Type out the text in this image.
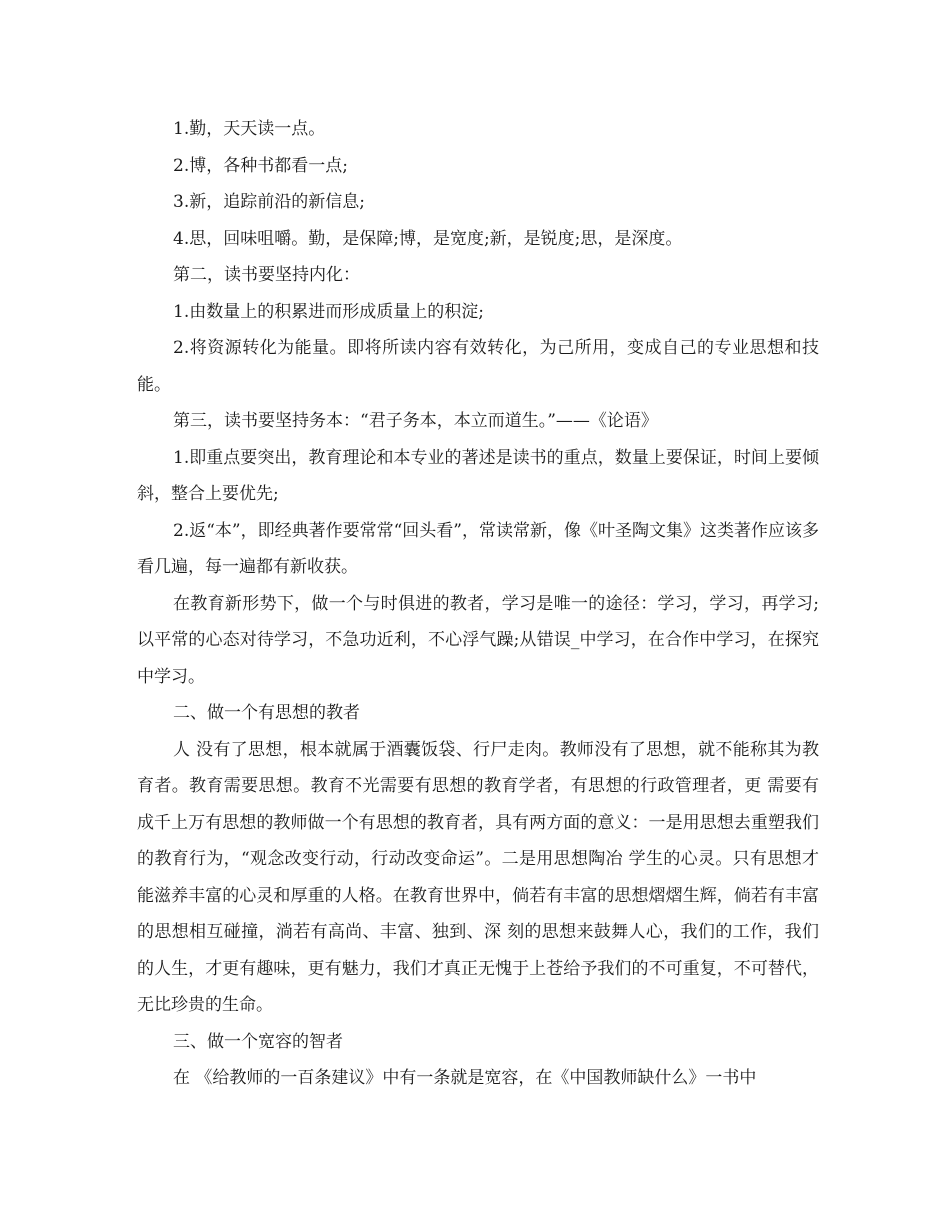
1.勤，天天读一点。

2.博，各种书都看一点;

3.新，追踪前沿的新信息;

4.思，回味咀嚼。勤，是保障;博，是宽度;新，是锐度;思，是深度。

第二，读书要坚持内化：

1.由数量上的积累进而形成质量上的积淀;

2.将资源转化为能量。即将所读内容有效转化，为己所用，变成自己的专业思想和技能。

第三，读书要坚持务本：“君子务本，本立而道生。”——《论语》

1.即重点要突出，教育理论和本专业的著述是读书的重点，数量上要保证，时间上要倾斜，整合上要优先;

2.返“本”，即经典著作要常常“回头看”，常读常新，像《叶圣陶文集》这类著作应该多看几遍，每一遍都有新收获。

在教育新形势下，做一个与时俱进的教者，学习是唯一的途径：学习，学习，再学习;以平常的心态对待学习，不急功近利，不心浮气躁;从错误_中学习，在合作中学习，在探究中学习。

二、做一个有思想的教者

人 没有了思想，根本就属于酒囊饭袋、行尸走肉。教师没有了思想，就不能称其为教育者。教育需要思想。教育不光需要有思想的教育学者，有思想的行政管理者，更 需要有成千上万有思想的教师做一个有思想的教育者，具有两方面的意义：一是用思想去重塑我们的教育行为，“观念改变行动，行动改变命运”。二是用思想陶冶 学生的心灵。只有思想才能滋养丰富的心灵和厚重的人格。在教育世界中，倘若有丰富的思想熠熠生辉，倘若有丰富的思想相互碰撞，淌若有高尚、丰富、独到、深 刻的思想来鼓舞人心，我们的工作，我们的人生，才更有趣味，更有魅力，我们才真正无愧于上苍给予我们的不可重复，不可替代，无比珍贵的生命。

三、做一个宽容的智者

在 《给教师的一百条建议》中有一条就是宽容，在《中国教师缺什么》一书中
